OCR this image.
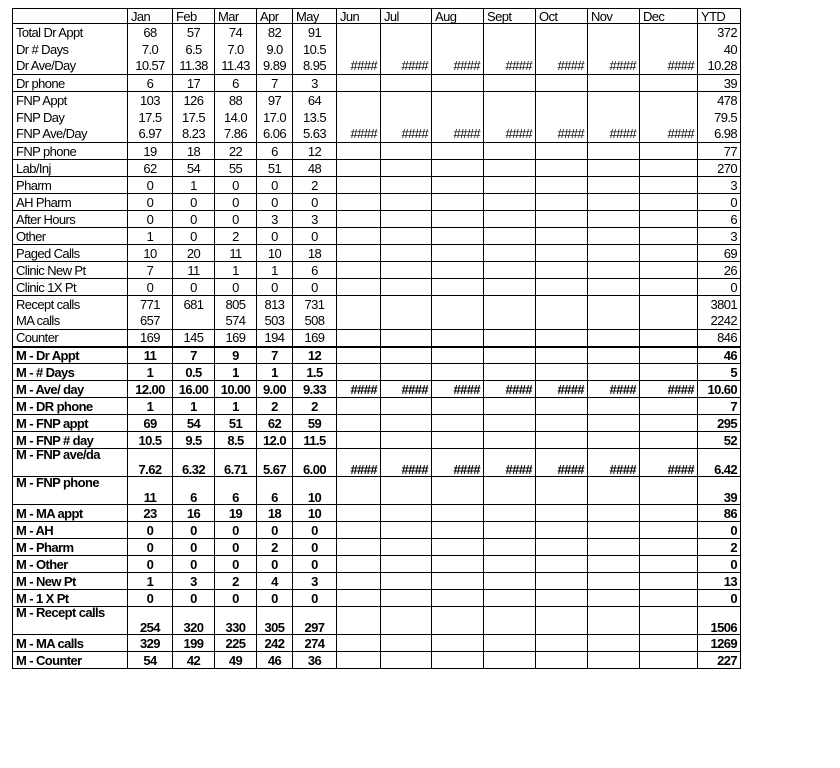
	Jan	Feb	Mar	Apr	May	Jun	Jul	Aug	Sept	Oct	Nov	Dec	YTD
Total Dr Appt	68	57	74	82	91								372
Dr # Days	7.0	6.5	7.0	9.0	10.5								40
Dr Ave/Day	10.57	11.38	11.43	9.89	8.95	####	####	####	####	####	####	####	10.28
Dr phone	6	17	6	7	3								39
FNP Appt	103	126	88	97	64								478
FNP Day	17.5	17.5	14.0	17.0	13.5								79.5
FNP Ave/Day	6.97	8.23	7.86	6.06	5.63	####	####	####	####	####	####	####	6.98
FNP phone	19	18	22	6	12								77
Lab/Inj	62	54	55	51	48								270
Pharm	0	1	0	0	2								3
AH Pharm	0	0	0	0	0								0
After Hours	0	0	0	3	3								6
Other	1	0	2	0	0								3
Paged Calls	10	20	11	10	18								69
Clinic New Pt	7	11	1	1	6								26
Clinic 1X Pt	0	0	0	0	0								0
Recept calls	771	681	805	813	731								3801
MA calls	657		574	503	508								2242
Counter	169	145	169	194	169								846
M - Dr Appt	11	7	9	7	12								46
M - # Days	1	0.5	1	1	1.5								5
M - Ave/ day	12.00	16.00	10.00	9.00	9.33	####	####	####	####	####	####	####	10.60
M - DR phone	1	1	1	2	2								7
M - FNP appt	69	54	51	62	59								295
M - FNP # day	10.5	9.5	8.5	12.0	11.5								52
M - FNP ave/da	7.62	6.32	6.71	5.67	6.00	####	####	####	####	####	####	####	6.42
M - FNP phone	11	6	6	6	10								39
M - MA appt	23	16	19	18	10								86
M - AH	0	0	0	0	0								0
M - Pharm	0	0	0	2	0								2
M - Other	0	0	0	0	0								0
M - New Pt	1	3	2	4	3								13
M - 1 X Pt	0	0	0	0	0								0
M - Recept calls	254	320	330	305	297								1506
M - MA calls	329	199	225	242	274								1269
M - Counter	54	42	49	46	36								227
